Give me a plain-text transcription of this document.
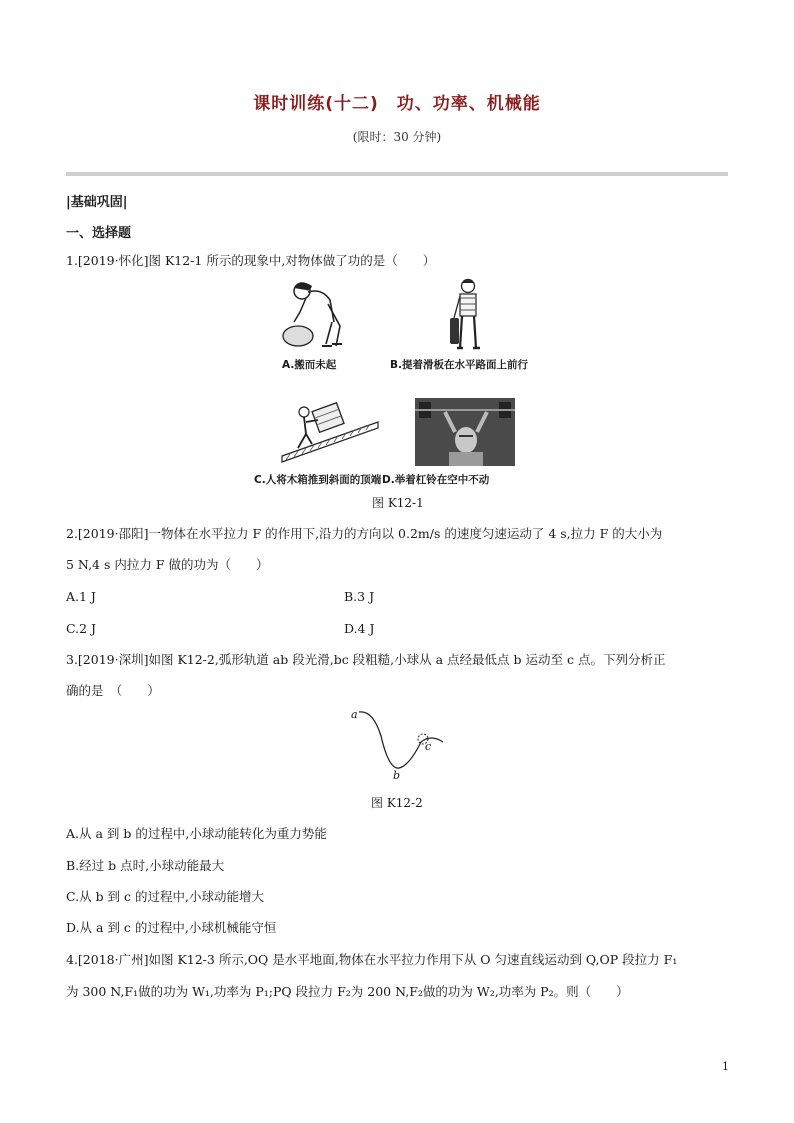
课时训练(十二)　功、功率、机械能
(限时：30 分钟)
|基础巩固|
一、选择题
1.[2019·怀化]图 K12-1 所示的现象中,对物体做了功的是（　　）
A.搬而未起	B.提着滑板在水平路面上前行
C.人将木箱推到斜面的顶端 D.举着杠铃在空中不动
图 K12-1
2.[2019·邵阳]一物体在水平拉力 F 的作用下,沿力的方向以 0.2m/s 的速度匀速运动了 4 s,拉力 F 的大小为
5 N,4 s 内拉力 F 做的功为（　　）
A.1 J	B.3 J
C.2 J	D.4 J
3.[2019·深圳]如图 K12-2,弧形轨道 ab 段光滑,bc 段粗糙,小球从 a 点经最低点 b 运动至 c 点。下列分析正
确的是　（　　）
a
b
c
图 K12-2
A.从 a 到 b 的过程中,小球动能转化为重力势能
B.经过 b 点时,小球动能最大
C.从 b 到 c 的过程中,小球动能增大
D.从 a 到 c 的过程中,小球机械能守恒
4.[2018·广州]如图 K12-3 所示,OQ 是水平地面,物体在水平拉力作用下从 O 匀速直线运动到 Q,OP 段拉力 F₁
为 300 N,F₁做的功为 W₁,功率为 P₁;PQ 段拉力 F₂为 200 N,F₂做的功为 W₂,功率为 P₂。则（　　）
1
